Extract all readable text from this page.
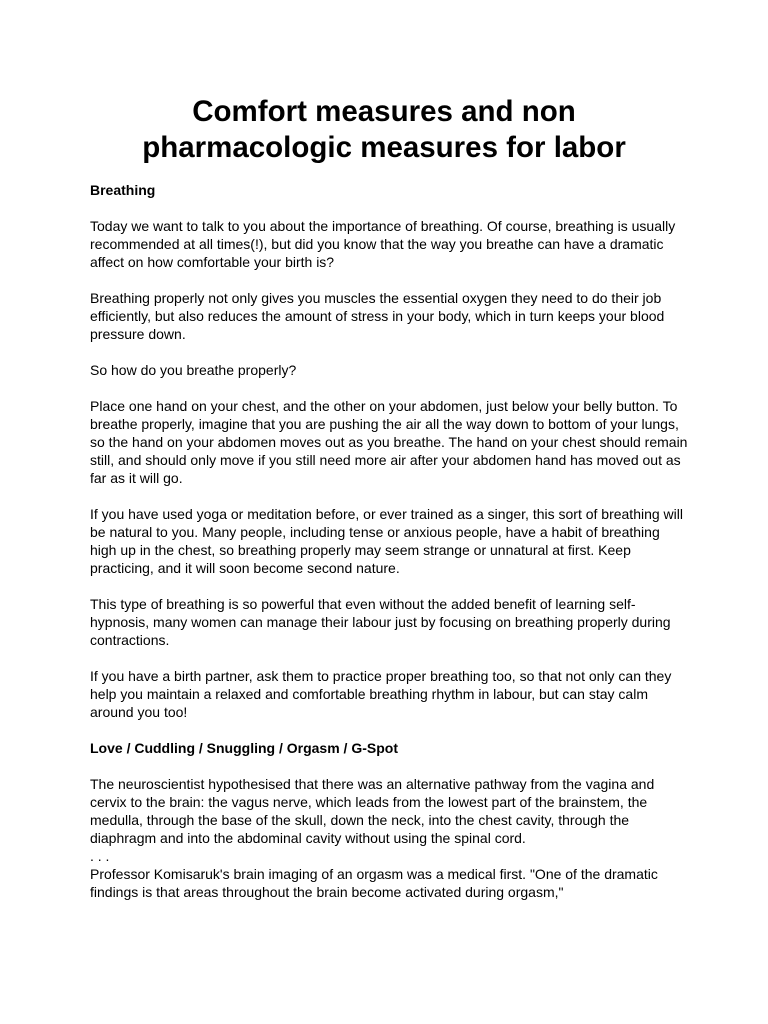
Comfort measures and non pharmacologic measures for labor
Breathing

Today we want to talk to you about the importance of breathing. Of course, breathing is usually recommended at all times(!), but did you know that the way you breathe can have a dramatic affect on how comfortable your birth is?

Breathing properly not only gives you muscles the essential oxygen they need to do their job efficiently, but also reduces the amount of stress in your body, which in turn keeps your blood pressure down.

So how do you breathe properly?

Place one hand on your chest, and the other on your abdomen, just below your belly button. To breathe properly, imagine that you are pushing the air all the way down to bottom of your lungs, so the hand on your abdomen moves out as you breathe. The hand on your chest should remain still, and should only move if you still need more air after your abdomen hand has moved out as far as it will go.

If you have used yoga or meditation before, or ever trained as a singer, this sort of breathing will be natural to you. Many people, including tense or anxious people, have a habit of breathing high up in the chest, so breathing properly may seem strange or unnatural at first. Keep practicing, and it will soon become second nature.

This type of breathing is so powerful that even without the added benefit of learning self-hypnosis, many women can manage their labour just by focusing on breathing properly during contractions.

If you have a birth partner, ask them to practice proper breathing too, so that not only can they help you maintain a relaxed and comfortable breathing rhythm in labour, but can stay calm around you too!

Love / Cuddling / Snuggling / Orgasm / G-Spot

The neuroscientist hypothesised that there was an alternative pathway from the vagina and cervix to the brain: the vagus nerve, which leads from the lowest part of the brainstem, the medulla, through the base of the skull, down the neck, into the chest cavity, through the diaphragm and into the abdominal cavity without using the spinal cord.

. . .

Professor Komisaruk's brain imaging of an orgasm was a medical first. "One of the dramatic findings is that areas throughout the brain become activated during orgasm,"
